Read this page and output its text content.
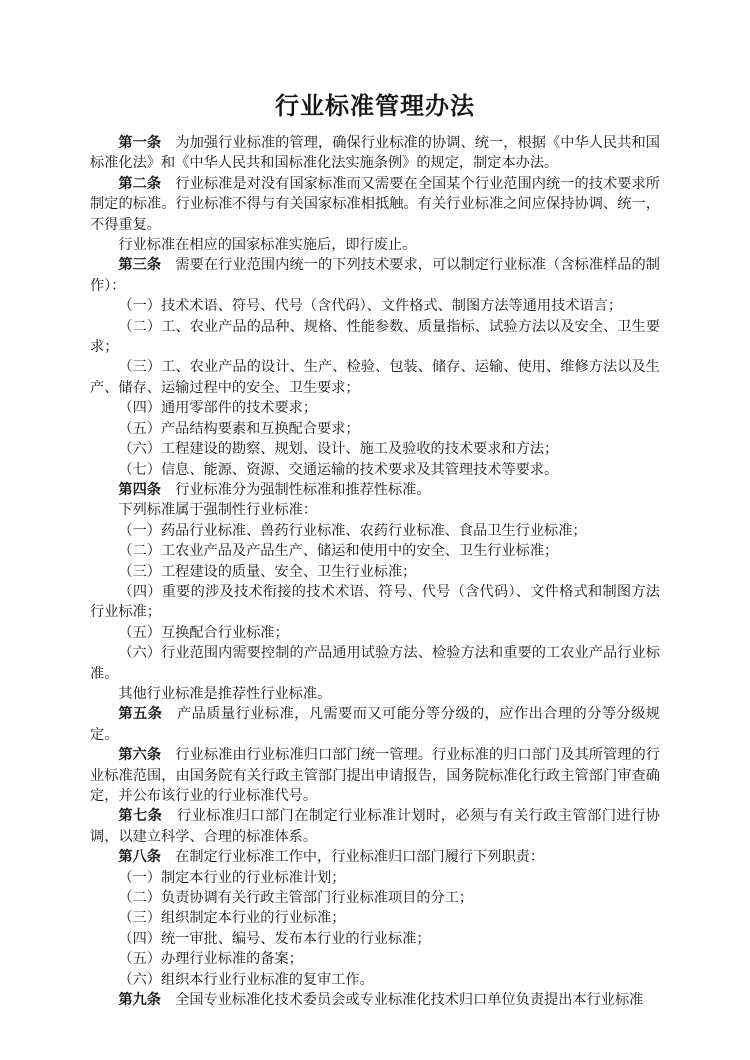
行业标准管理办法

第一条　为加强行业标准的管理，确保行业标准的协调、统一，根据《中华人民共和国标准化法》和《中华人民共和国标准化法实施条例》的规定，制定本办法。

第二条　行业标准是对没有国家标准而又需要在全国某个行业范围内统一的技术要求所制定的标准。行业标准不得与有关国家标准相抵触。有关行业标准之间应保持协调、统一，不得重复。

行业标准在相应的国家标准实施后，即行废止。

第三条　需要在行业范围内统一的下列技术要求，可以制定行业标准（含标准样品的制作）：

（一）技术术语、符号、代号（含代码）、文件格式、制图方法等通用技术语言；

（二）工、农业产品的品种、规格、性能参数、质量指标、试验方法以及安全、卫生要求；

（三）工、农业产品的设计、生产、检验、包装、储存、运输、使用、维修方法以及生产、储存、运输过程中的安全、卫生要求；

（四）通用零部件的技术要求；

（五）产品结构要素和互换配合要求；

（六）工程建设的勘察、规划、设计、施工及验收的技术要求和方法；

（七）信息、能源、资源、交通运输的技术要求及其管理技术等要求。

第四条　行业标准分为强制性标准和推荐性标准。

下列标准属于强制性行业标准：

（一）药品行业标准、兽药行业标准、农药行业标准、食品卫生行业标准；

（二）工农业产品及产品生产、储运和使用中的安全、卫生行业标准；

（三）工程建设的质量、安全、卫生行业标准；

（四）重要的涉及技术衔接的技术术语、符号、代号（含代码）、文件格式和制图方法行业标准；

（五）互换配合行业标准；

（六）行业范围内需要控制的产品通用试验方法、检验方法和重要的工农业产品行业标准。

其他行业标准是推荐性行业标准。

第五条　产品质量行业标准，凡需要而又可能分等分级的，应作出合理的分等分级规定。

第六条　行业标准由行业标准归口部门统一管理。行业标准的归口部门及其所管理的行业标准范围，由国务院有关行政主管部门提出申请报告，国务院标准化行政主管部门审查确定，并公布该行业的行业标准代号。

第七条　行业标准归口部门在制定行业标准计划时，必须与有关行政主管部门进行协调，以建立科学、合理的标准体系。

第八条　在制定行业标准工作中，行业标准归口部门履行下列职责：

（一）制定本行业的行业标准计划；

（二）负责协调有关行政主管部门行业标准项目的分工；

（三）组织制定本行业的行业标准；

（四）统一审批、编号、发布本行业的行业标准；

（五）办理行业标准的备案；

（六）组织本行业行业标准的复审工作。

第九条　全国专业标准化技术委员会或专业标准化技术归口单位负责提出本行业标准
